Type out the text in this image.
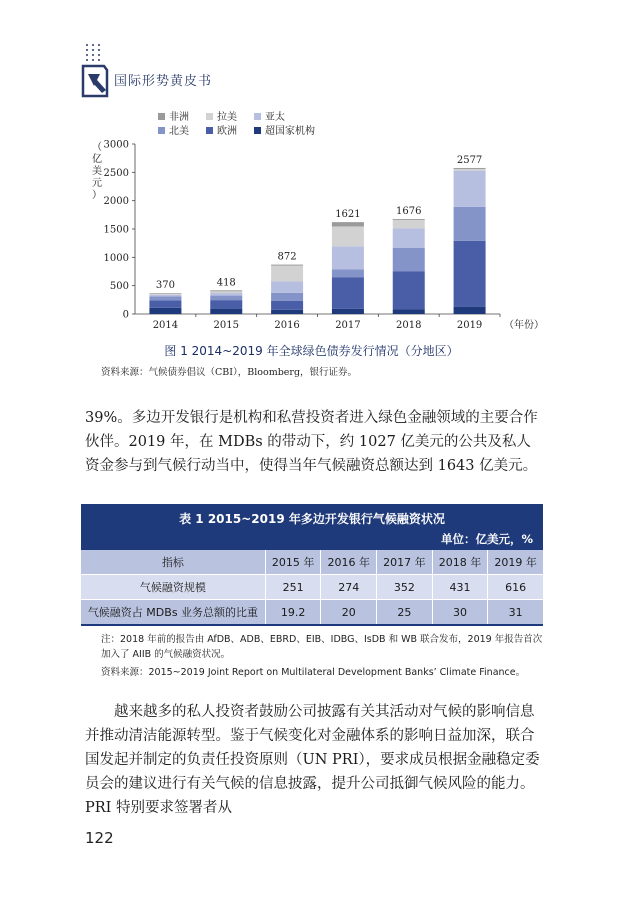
国际形势黄皮书
（
亿
美
元
）
0
500
1000
1500
2000
2500
3000
370
2014
418
2015
872
2016
1621
2017
1676
2018
2577
2019 （年份）
非洲	拉美	亚太
北美	欧洲	超国家机构
图 1 2014~2019 年全球绿色债券发行情况（分地区）
资料来源：气候债券倡议（CBI），Bloomberg，银行证券。

39%。多边开发银行是机构和私营投资者进入绿色金融领域的主要合作伙伴。2019 年，在 MDBs 的带动下，约 1027 亿美元的公共及私人资金参与到气候行动当中，使得当年气候融资总额达到 1643 亿美元。

表 1 2015~2019 年多边开发银行气候融资状况
单位：亿美元，%
指标	2015 年	2016 年	2017 年	2018 年	2019 年
气候融资规模	251	274	352	431	616
气候融资占 MDBs 业务总额的比重	19.2	20	25	30	31

注：2018 年前的报告由 AfDB、ADB、EBRD、EIB、IDBG、IsDB 和 WB 联合发布，2019 年报告首次加入了 AIIB 的气候融资状况。

资料来源：2015~2019 Joint Report on Multilateral Development Banks’ Climate Finance。

越来越多的私人投资者鼓励公司披露有关其活动对气候的影响信息并推动清洁能源转型。鉴于气候变化对金融体系的影响日益加深，联合国发起并制定的负责任投资原则（UN PRI），要求成员根据金融稳定委员会的建议进行有关气候的信息披露，提升公司抵御气候风险的能力。PRI 特别要求签署者从

122
